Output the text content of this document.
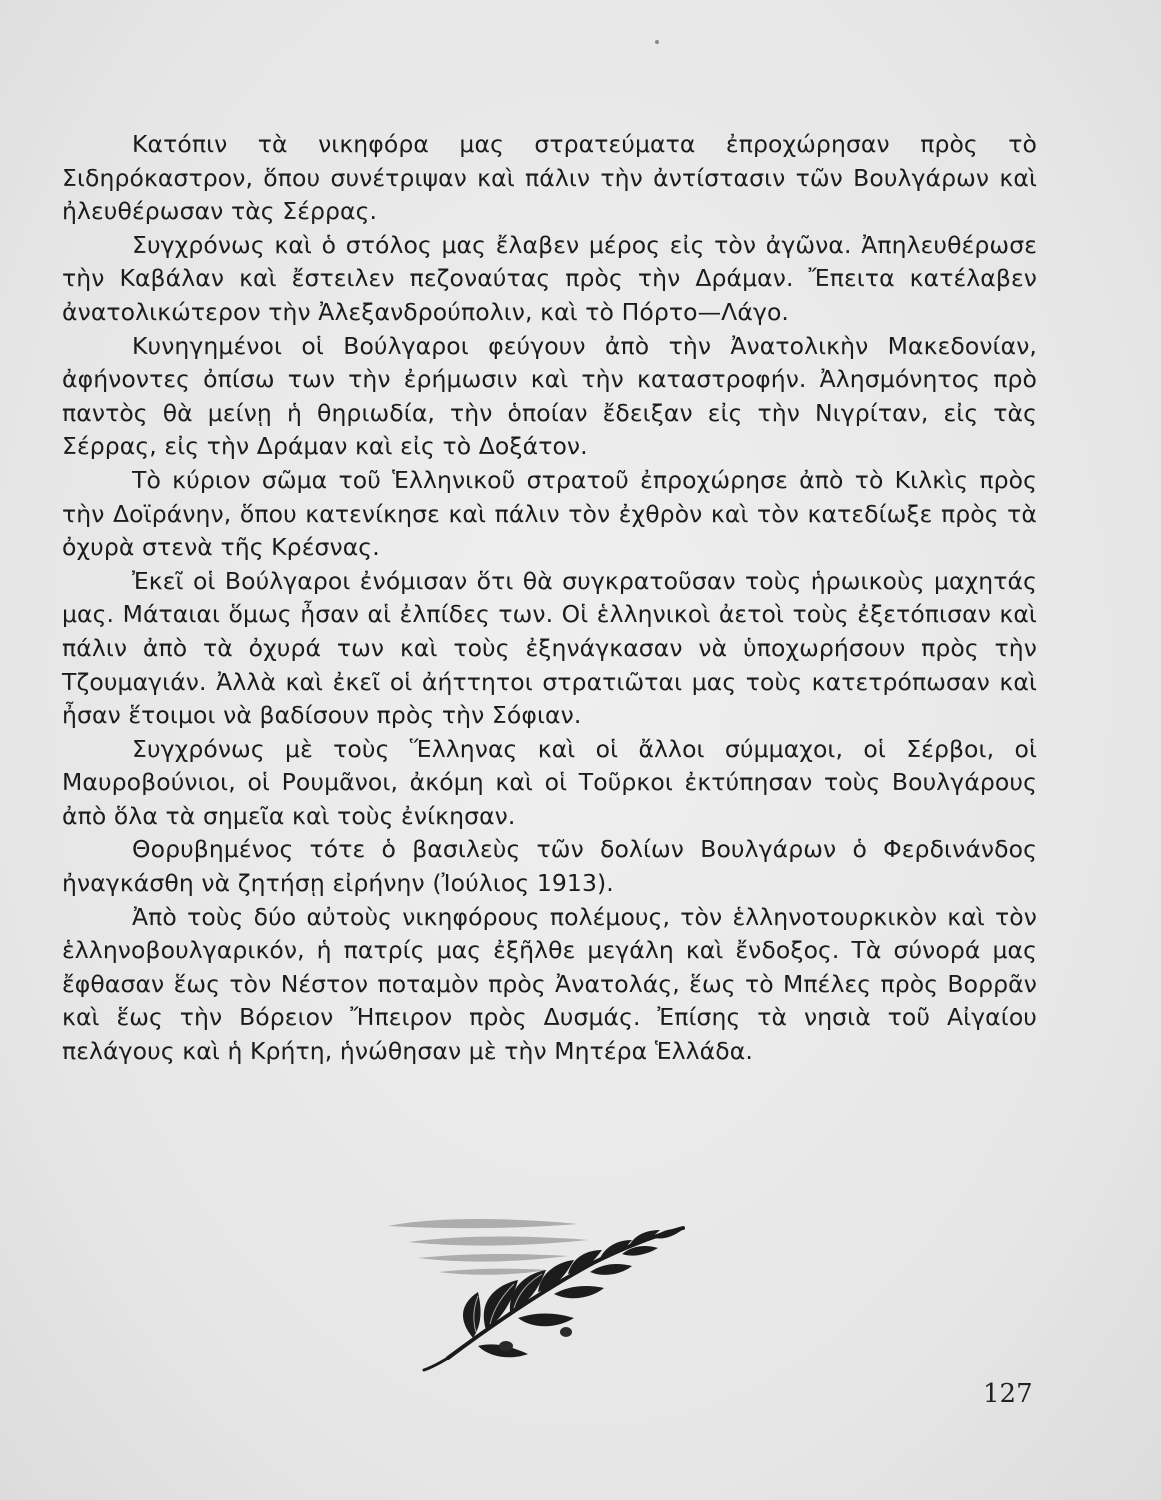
Κατόπιν τὰ νικηφόρα μας στρατεύματα ἐπροχώρησαν πρὸς τὸ Σιδηρόκαστρον, ὅπου συνέτριψαν καὶ πάλιν τὴν ἀντίστασιν τῶν Βουλγάρων καὶ ἠλευθέρωσαν τὰς Σέρρας.

Συγχρόνως καὶ ὁ στόλος μας ἔλαβεν μέρος εἰς τὸν ἀγῶνα. Ἀπηλευθέρωσε τὴν Καβάλαν καὶ ἔστειλεν πεζοναύτας πρὸς τὴν Δράμαν. Ἔπειτα κατέλαβεν ἀνατολικώτερον τὴν Ἀλεξανδρούπολιν, καὶ τὸ Πόρτο—Λάγο.

Κυνηγημένοι οἱ Βούλγαροι φεύγουν ἀπὸ τὴν Ἀνατολικὴν Μακεδονίαν, ἀφήνοντες ὀπίσω των τὴν ἐρήμωσιν καὶ τὴν καταστροφήν. Ἀλησμόνητος πρὸ παντὸς θὰ μείνῃ ἡ θηριωδία, τὴν ὁποίαν ἔδειξαν εἰς τὴν Νιγρίταν, εἰς τὰς Σέρρας, εἰς τὴν Δράμαν καὶ εἰς τὸ Δοξάτον.

Τὸ κύριον σῶμα τοῦ Ἑλληνικοῦ στρατοῦ ἐπροχώρησε ἀπὸ τὸ Κιλκὶς πρὸς τὴν Δοϊράνην, ὅπου κατενίκησε καὶ πάλιν τὸν ἐχθρὸν καὶ τὸν κατεδίωξε πρὸς τὰ ὀχυρὰ στενὰ τῆς Κρέσνας.

Ἐκεῖ οἱ Βούλγαροι ἐνόμισαν ὅτι θὰ συγκρατοῦσαν τοὺς ἡρωικοὺς μαχητάς μας. Μάταιαι ὅμως ἦσαν αἱ ἐλπίδες των. Οἱ ἑλληνικοὶ ἀετοὶ τοὺς ἐξετόπισαν καὶ πάλιν ἀπὸ τὰ ὀχυρά των καὶ τοὺς ἐξηνάγκασαν νὰ ὑποχωρήσουν πρὸς τὴν Τζουμαγιάν. Ἀλλὰ καὶ ἐκεῖ οἱ ἀήττητοι στρατιῶται μας τοὺς κατετρόπωσαν καὶ ἦσαν ἕτοιμοι νὰ βαδίσουν πρὸς τὴν Σόφιαν.

Συγχρόνως μὲ τοὺς Ἕλληνας καὶ οἱ ἄλλοι σύμμαχοι, οἱ Σέρβοι, οἱ Μαυροβούνιοι, οἱ Ρουμᾶνοι, ἀκόμη καὶ οἱ Τοῦρκοι ἐκτύπησαν τοὺς Βουλγάρους ἀπὸ ὅλα τὰ σημεῖα καὶ τοὺς ἐνίκησαν.

Θορυβημένος τότε ὁ βασιλεὺς τῶν δολίων Βουλγάρων ὁ Φερδινάνδος ἠναγκάσθη νὰ ζητήσῃ εἰρήνην (Ἰούλιος 1913).

Ἀπὸ τοὺς δύο αὐτοὺς νικηφόρους πολέμους, τὸν ἑλληνοτουρκικὸν καὶ τὸν ἑλληνοβουλγαρικόν, ἡ πατρίς μας ἐξῆλθε μεγάλη καὶ ἔνδοξος. Τὰ σύνορά μας ἔφθασαν ἕως τὸν Νέστον ποταμὸν πρὸς Ἀνατολάς, ἕως τὸ Μπέλες πρὸς Βορρᾶν καὶ ἕως τὴν Βόρειον Ἤπειρον πρὸς Δυσμάς. Ἐπίσης τὰ νησιὰ τοῦ Αἰγαίου πελάγους καὶ ἡ Κρήτη, ἡνώθησαν μὲ τὴν Μητέρα Ἑλλάδα.

127
